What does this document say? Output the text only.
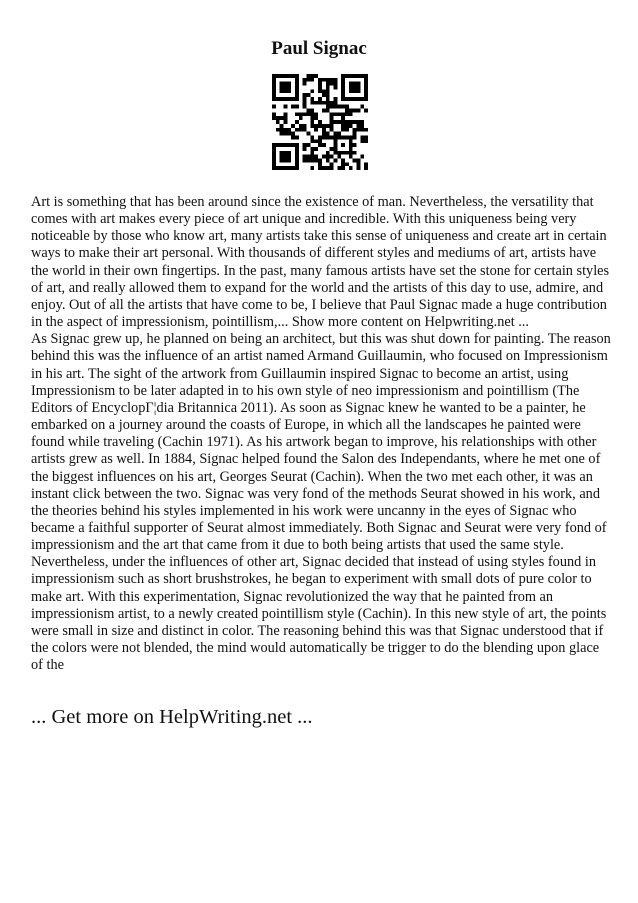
Paul Signac

Art is something that has been around since the existence of man. Nevertheless, the versatility that comes with art makes every piece of art unique and incredible. With this uniqueness being very noticeable by those who know art, many artists take this sense of uniqueness and create art in certain ways to make their art personal. With thousands of different styles and mediums of art, artists have the world in their own fingertips. In the past, many famous artists have set the stone for certain styles of art, and really allowed them to expand for the world and the artists of this day to use, admire, and enjoy. Out of all the artists that have come to be, I believe that Paul Signac made a huge contribution in the aspect of impressionism, pointillism,... Show more content on Helpwriting.net ...

As Signac grew up, he planned on being an architect, but this was shut down for painting. The reason behind this was the influence of an artist named Armand Guillaumin, who focused on Impressionism in his art. The sight of the artwork from Guillaumin inspired Signac to become an artist, using Impressionism to be later adapted in to his own style of neo impressionism and pointillism (The Editors of EncyclopГ¦dia Britannica 2011). As soon as Signac knew he wanted to be a painter, he embarked on a journey around the coasts of Europe, in which all the landscapes he painted were found while traveling (Cachin 1971). As his artwork began to improve, his relationships with other artists grew as well. In 1884, Signac helped found the Salon des Independants, where he met one of the biggest influences on his art, Georges Seurat (Cachin). When the two met each other, it was an instant click between the two. Signac was very fond of the methods Seurat showed in his work, and the theories behind his styles implemented in his work were uncanny in the eyes of Signac who became a faithful supporter of Seurat almost immediately. Both Signac and Seurat were very fond of impressionism and the art that came from it due to both being artists that used the same style. Nevertheless, under the influences of other art, Signac decided that instead of using styles found in impressionism such as short brushstrokes, he began to experiment with small dots of pure color to make art. With this experimentation, Signac revolutionized the way that he painted from an impressionism artist, to a newly created pointillism style (Cachin). In this new style of art, the points were small in size and distinct in color. The reasoning behind this was that Signac understood that if the colors were not blended, the mind would automatically be trigger to do the blending upon glace of the

... Get more on HelpWriting.net ...
